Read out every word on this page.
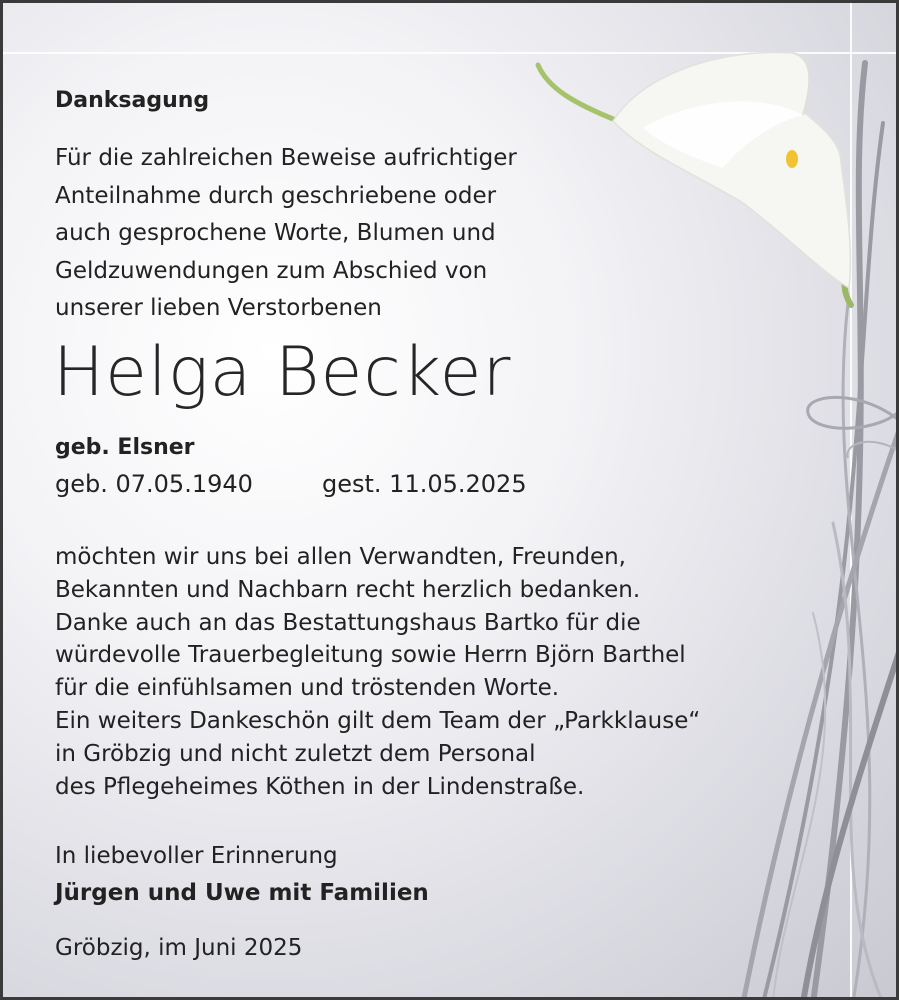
Danksagung
Für die zahlreichen Beweise aufrichtiger
Anteilnahme durch geschriebene oder
auch gesprochene Worte, Blumen und
Geldzuwendungen zum Abschied von
unserer lieben Verstorbenen
Helga Becker
geb. Elsner
geb. 07.05.1940	gest. 11.05.2025
möchten wir uns bei allen Verwandten, Freunden,
Bekannten und Nachbarn recht herzlich bedanken.
Danke auch an das Bestattungshaus Bartko für die
würdevolle Trauerbegleitung sowie Herrn Björn Barthel
für die einfühlsamen und tröstenden Worte.
Ein weiters Dankeschön gilt dem Team der „Parkklause“
in Gröbzig und nicht zuletzt dem Personal
des Pflegeheimes Köthen in der Lindenstraße.
In liebevoller Erinnerung
Jürgen und Uwe mit Familien
Gröbzig, im Juni 2025
